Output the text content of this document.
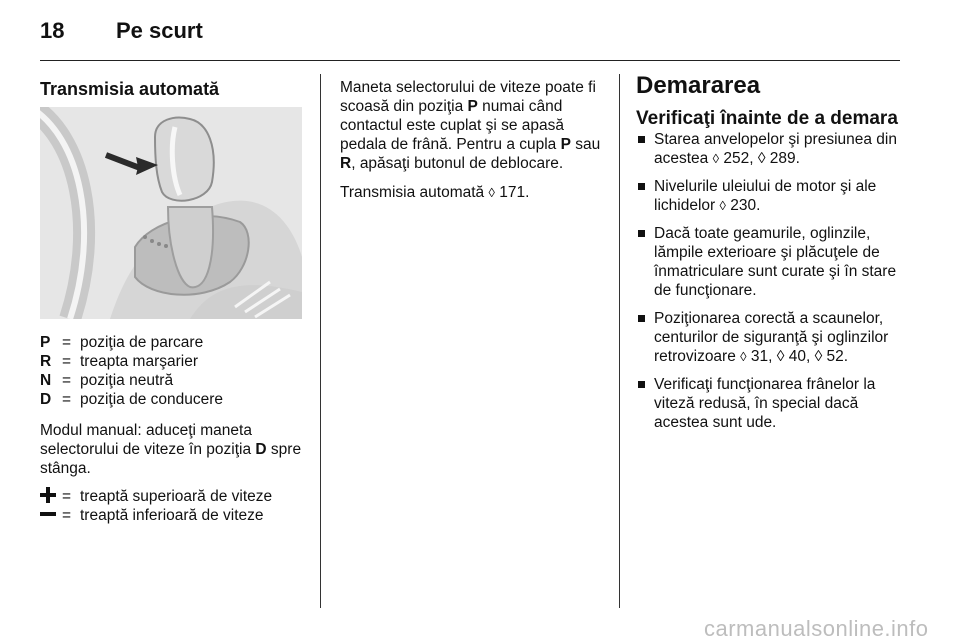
18 Pe scurt
Transmisia automată
P = poziţia de parcare
R = treapta marşarier
N = poziţia neutră
D = poziţia de conducere

Modul manual: aduceţi maneta selectorului de viteze în poziţia D spre stânga.

= treaptă superioară de viteze
= treaptă inferioară de viteze

Maneta selectorului de viteze poate fi scoasă din poziţia P numai când contactul este cuplat şi se apasă pedala de frână. Pentru a cupla P sau R, apăsaţi butonul de deblocare.

Transmisia automată ◊ 171.

Demararea
Verificaţi înainte de a demara
Starea anvelopelor şi presiunea din acestea ◊ 252, ◊ 289.
Nivelurile uleiului de motor şi ale lichidelor ◊ 230.
Dacă toate geamurile, oglinzile, lămpile exterioare şi plăcuţele de înmatriculare sunt curate şi în stare de funcţionare.
Poziţionarea corectă a scaunelor, centurilor de siguranţă şi oglinzilor retrovizoare ◊ 31, ◊ 40, ◊ 52.
Verificaţi funcţionarea frânelor la viteză redusă, în special dacă acestea sunt ude.
carmanualsonline.info
